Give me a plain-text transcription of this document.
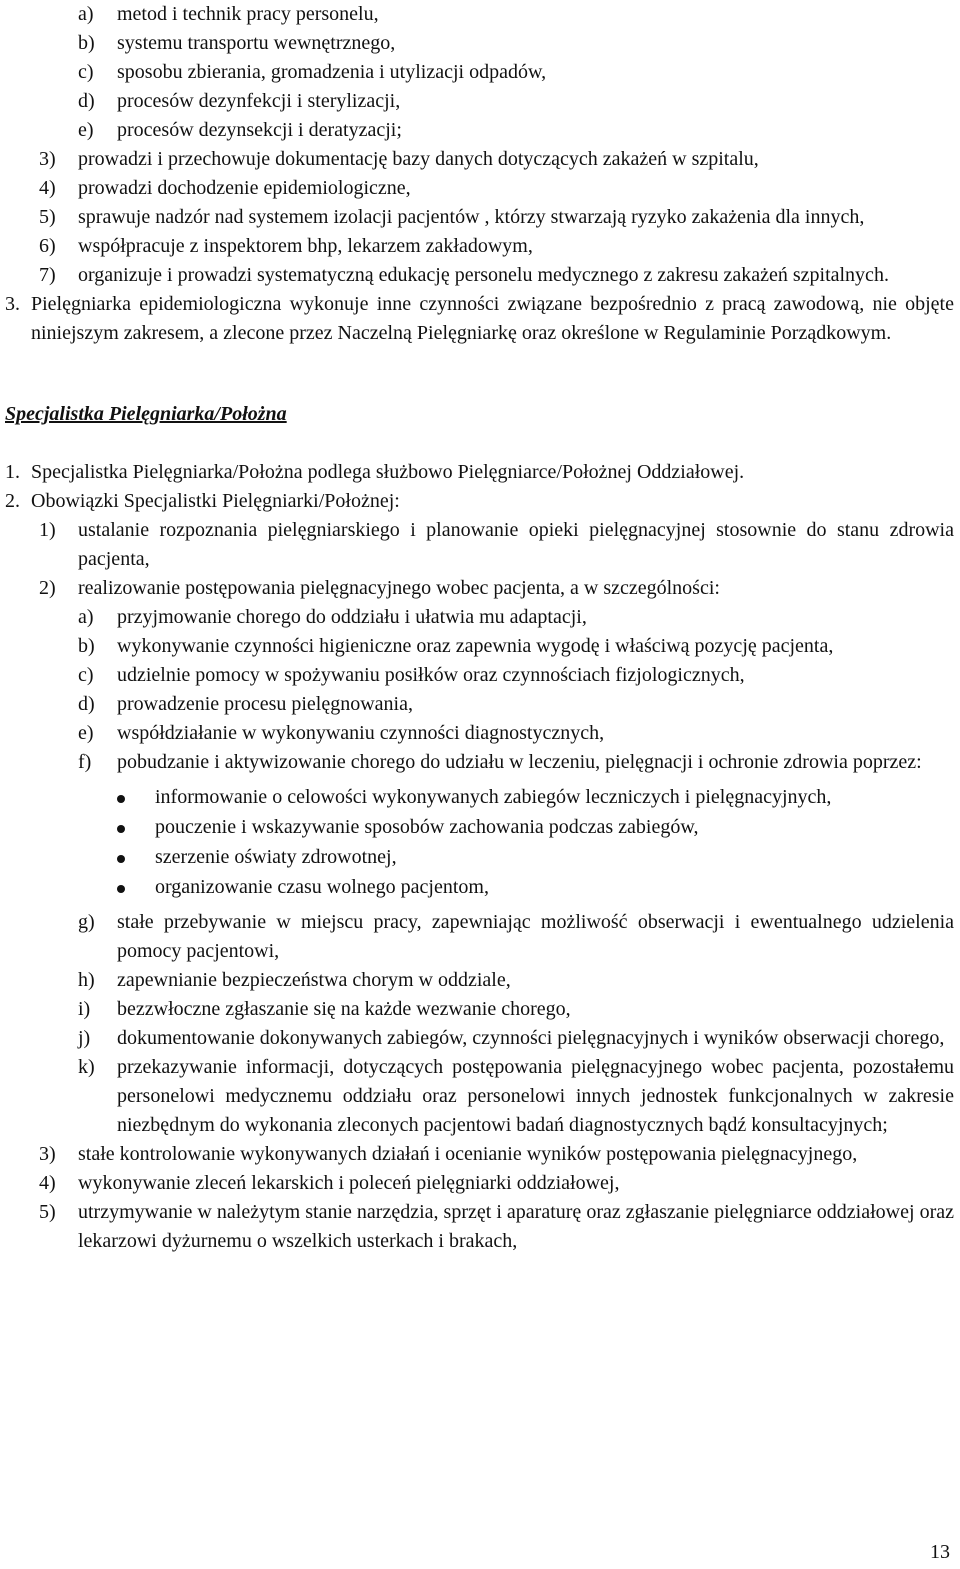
a)	metod i technik pracy personelu,
b)	systemu transportu wewnętrznego,
c)	sposobu zbierania, gromadzenia i utylizacji odpadów,
d)	procesów dezynfekcji i sterylizacji,
e)	procesów dezynsekcji i deratyzacji;
3)	prowadzi i przechowuje dokumentację bazy danych dotyczących zakażeń w szpitalu,
4)	prowadzi dochodzenie epidemiologiczne,
5)	sprawuje nadzór nad systemem izolacji pacjentów , którzy stwarzają ryzyko zakażenia dla innych,
6)	współpracuje z inspektorem bhp, lekarzem zakładowym,
7)	organizuje i prowadzi systematyczną edukację personelu medycznego z zakresu zakażeń szpitalnych.
3. Pielęgniarka epidemiologiczna wykonuje inne czynności związane bezpośrednio z pracą zawodową, nie objęte niniejszym zakresem, a zlecone przez Naczelną Pielęgniarkę oraz określone w Regulaminie Porządkowym.
Specjalistka Pielęgniarka/Położna
1. Specjalistka Pielęgniarka/Położna podlega służbowo Pielęgniarce/Położnej Oddziałowej.
2. Obowiązki Specjalistki Pielęgniarki/Położnej:
1)	ustalanie rozpoznania pielęgniarskiego i planowanie opieki pielęgnacyjnej stosownie do stanu zdrowia pacjenta,
2)	realizowanie postępowania pielęgnacyjnego wobec pacjenta, a w szczególności:
a)	przyjmowanie chorego do oddziału i ułatwia mu adaptacji,
b)	wykonywanie czynności higieniczne oraz zapewnia wygodę i właściwą pozycję pacjenta,
c)	udzielnie pomocy w spożywaniu posiłków oraz czynnościach fizjologicznych,
d)	prowadzenie procesu pielęgnowania,
e)	współdziałanie w wykonywaniu czynności diagnostycznych,
f)	pobudzanie i aktywizowanie chorego do udziału w leczeniu, pielęgnacji i ochronie zdrowia poprzez:
informowanie o celowości wykonywanych zabiegów leczniczych i pielęgnacyjnych,
pouczenie i wskazywanie sposobów zachowania podczas zabiegów,
szerzenie oświaty zdrowotnej,
organizowanie czasu wolnego pacjentom,
g)	stałe przebywanie w miejscu pracy, zapewniając możliwość obserwacji i ewentualnego udzielenia pomocy pacjentowi,
h)	zapewnianie bezpieczeństwa chorym w oddziale,
i)	bezzwłoczne zgłaszanie się na każde wezwanie chorego,
j)	dokumentowanie dokonywanych zabiegów, czynności pielęgnacyjnych i wyników obserwacji chorego,
k)	przekazywanie informacji, dotyczących postępowania pielęgnacyjnego wobec pacjenta, pozostałemu personelowi medycznemu oddziału oraz personelowi innych jednostek funkcjonalnych w zakresie niezbędnym do wykonania zleconych pacjentowi badań diagnostycznych bądź konsultacyjnych;
3)	stałe kontrolowanie wykonywanych działań i ocenianie wyników postępowania pielęgnacyjnego,
4)	wykonywanie zleceń lekarskich i poleceń pielęgniarki oddziałowej,
5)	utrzymywanie w należytym stanie narzędzia, sprzęt i aparaturę oraz zgłaszanie pielęgniarce oddziałowej oraz lekarzowi dyżurnemu o wszelkich usterkach i brakach,
13
